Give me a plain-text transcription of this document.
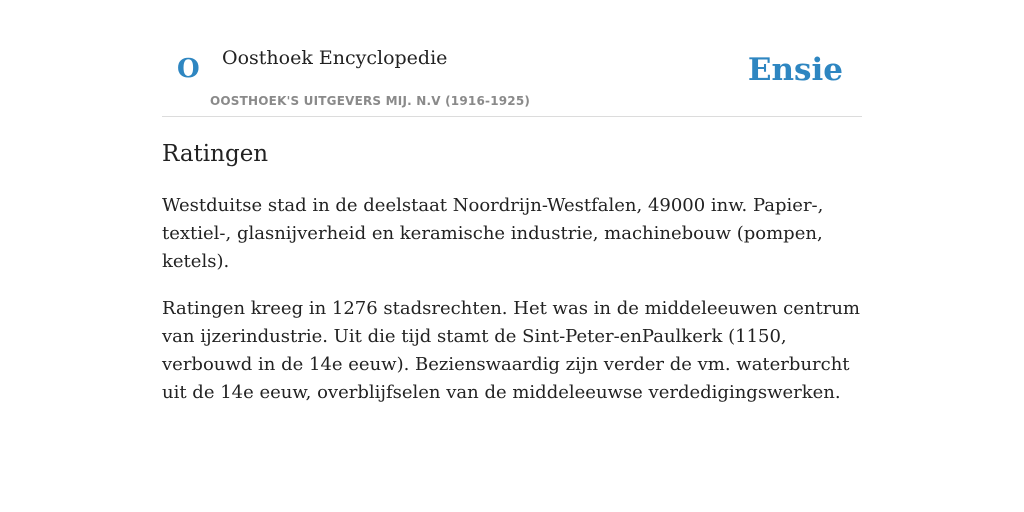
O Oosthoek Encyclopedie
OOSTHOEK'S UITGEVERS MIJ. N.V (1916-1925)
Ensie
Ratingen

Westduitse stad in de deelstaat Noordrijn-Westfalen, 49000 inw. Papier-, textiel-, glasnijverheid en keramische industrie, machinebouw (pompen, ketels).

Ratingen kreeg in 1276 stadsrechten. Het was in de middeleeuwen centrum van ijzerindustrie. Uit die tijd stamt de Sint-Peter-enPaulkerk (1150, verbouwd in de 14e eeuw). Bezienswaardig zijn verder de vm. waterburcht uit de 14e eeuw, overblijfselen van de middeleeuwse verdedigingswerken.
